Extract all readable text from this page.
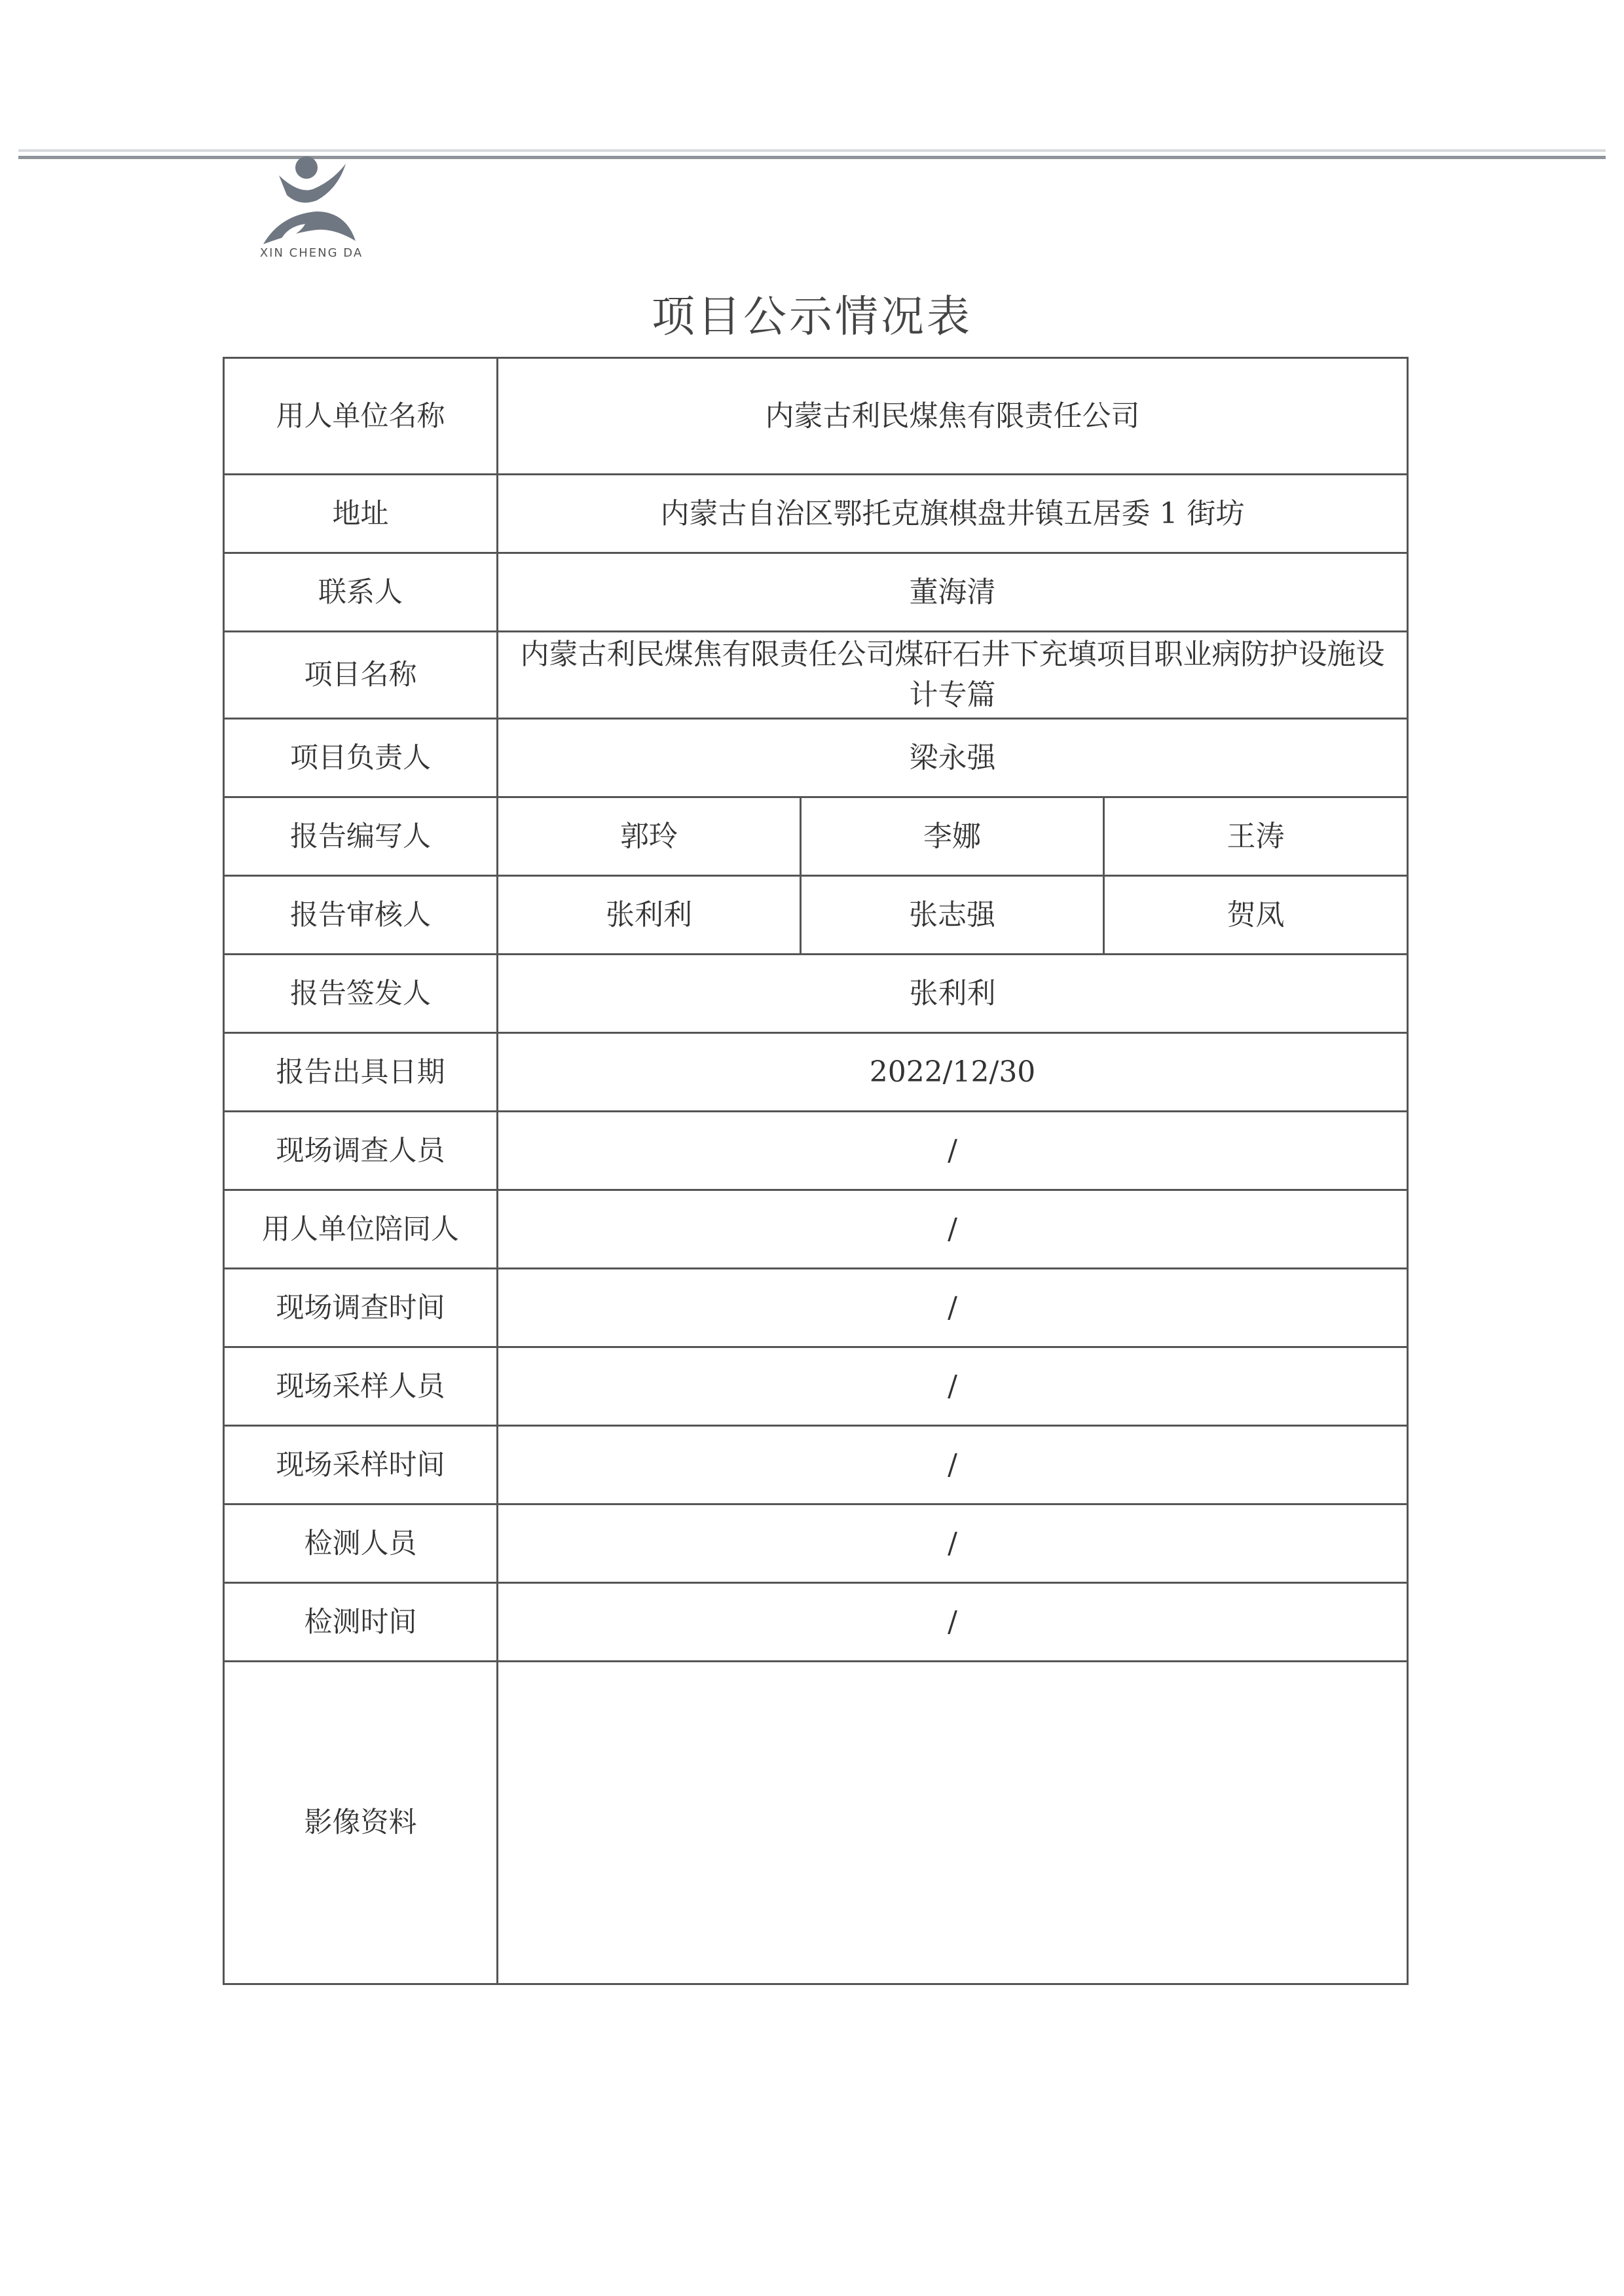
XIN CHENG DA
项目公示情况表
用人单位名称	内蒙古利民煤焦有限责任公司		
地址	内蒙古自治区鄂托克旗棋盘井镇五居委 1 街坊		
联系人	董海清		
项目名称	内蒙古利民煤焦有限责任公司煤矸石井下充填项目职业病防护设施设计专篇		
项目负责人	梁永强		
报告编写人	郭玲	李娜	王涛
报告审核人	张利利	张志强	贺凤
报告签发人	张利利		
报告出具日期	2022/12/30		
现场调查人员	/		
用人单位陪同人	/		
现场调查时间	/		
现场采样人员	/		
现场采样时间	/		
检测人员	/		
检测时间	/		
影像资料			
